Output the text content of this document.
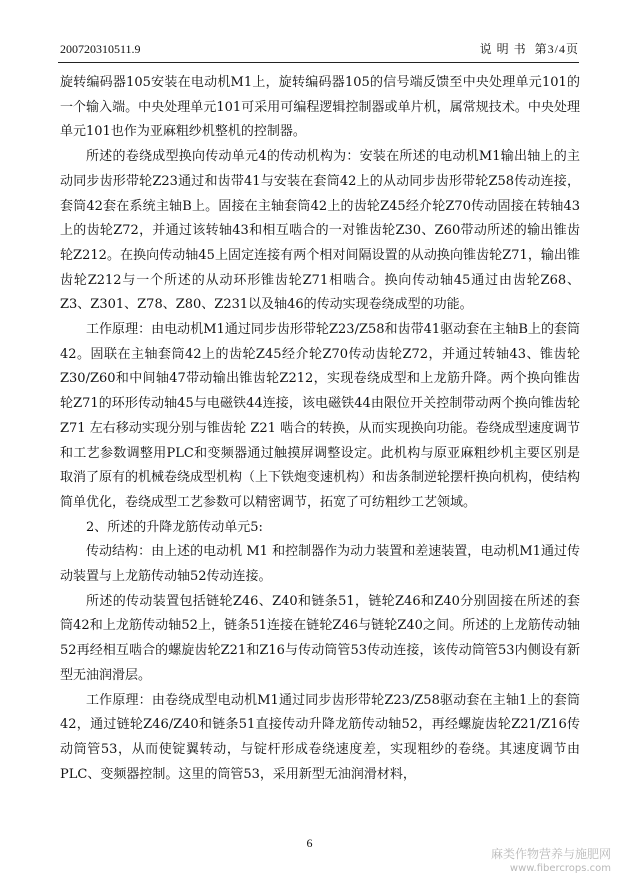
200720310511.9	说 明 书 第3/4页

旋转编码器105安装在电动机M1上，旋转编码器105的信号端反馈至中央处理单元101的一个输入端。中央处理单元101可采用可编程逻辑控制器或单片机，属常规技术。中央处理单元101也作为亚麻粗纱机整机的控制器。

所述的卷绕成型换向传动单元4的传动机构为：安装在所述的电动机M1输出轴上的主动同步齿形带轮Z23通过和齿带41与安装在套筒42上的从动同步齿形带轮Z58传动连接，套筒42套在系统主轴B上。固接在主轴套筒42上的齿轮Z45经介轮Z70传动固接在转轴43上的齿轮Z72，并通过该转轴43和相互啮合的一对锥齿轮Z30、Z60带动所述的输出锥齿轮Z212。在换向传动轴45上固定连接有两个相对间隔设置的从动换向锥齿轮Z71，输出锥齿轮Z212与一个所述的从动环形锥齿轮Z71相啮合。换向传动轴45通过由齿轮Z68、Z3、Z301、Z78、Z80、Z231以及轴46的传动实现卷绕成型的功能。

工作原理：由电动机M1通过同步齿形带轮Z23/Z58和齿带41驱动套在主轴B上的套筒42。固联在主轴套筒42上的齿轮Z45经介轮Z70传动齿轮Z72，并通过转轴43、锥齿轮Z30/Z60和中间轴47带动输出锥齿轮Z212，实现卷绕成型和上龙筋升降。两个换向锥齿轮Z71的环形传动轴45与电磁铁44连接，该电磁铁44由限位开关控制带动两个换向锥齿轮 Z71 左右移动实现分别与锥齿轮 Z21 啮合的转换，从而实现换向功能。卷绕成型速度调节和工艺参数调整用PLC和变频器通过触摸屏调整设定。此机构与原亚麻粗纱机主要区别是取消了原有的机械卷绕成型机构（上下铁炮变速机构）和齿条制逆轮摆杆换向机构，使结构简单优化，卷绕成型工艺参数可以精密调节，拓宽了可纺粗纱工艺领域。

2、所述的升降龙筋传动单元5:

传动结构：由上述的电动机 M1 和控制器作为动力装置和差速装置，电动机M1通过传动装置与上龙筋传动轴52传动连接。

所述的传动装置包括链轮Z46、Z40和链条51，链轮Z46和Z40分别固接在所述的套筒42和上龙筋传动轴52上，链条51连接在链轮Z46与链轮Z40之间。所述的上龙筋传动轴52再经相互啮合的螺旋齿轮Z21和Z16与传动筒管53传动连接，该传动筒管53内侧设有新型无油润滑层。

工作原理：由卷绕成型电动机M1通过同步齿形带轮Z23/Z58驱动套在主轴1上的套筒42，通过链轮Z46/Z40和链条51直接传动升降龙筋传动轴52，再经螺旋齿轮Z21/Z16传动筒管53，从而使锭翼转动，与锭杆形成卷绕速度差，实现粗纱的卷绕。其速度调节由PLC、变频器控制。这里的筒管53，采用新型无油润滑材料，

6
麻类作物营养与施肥网
www.fibercrops.com
